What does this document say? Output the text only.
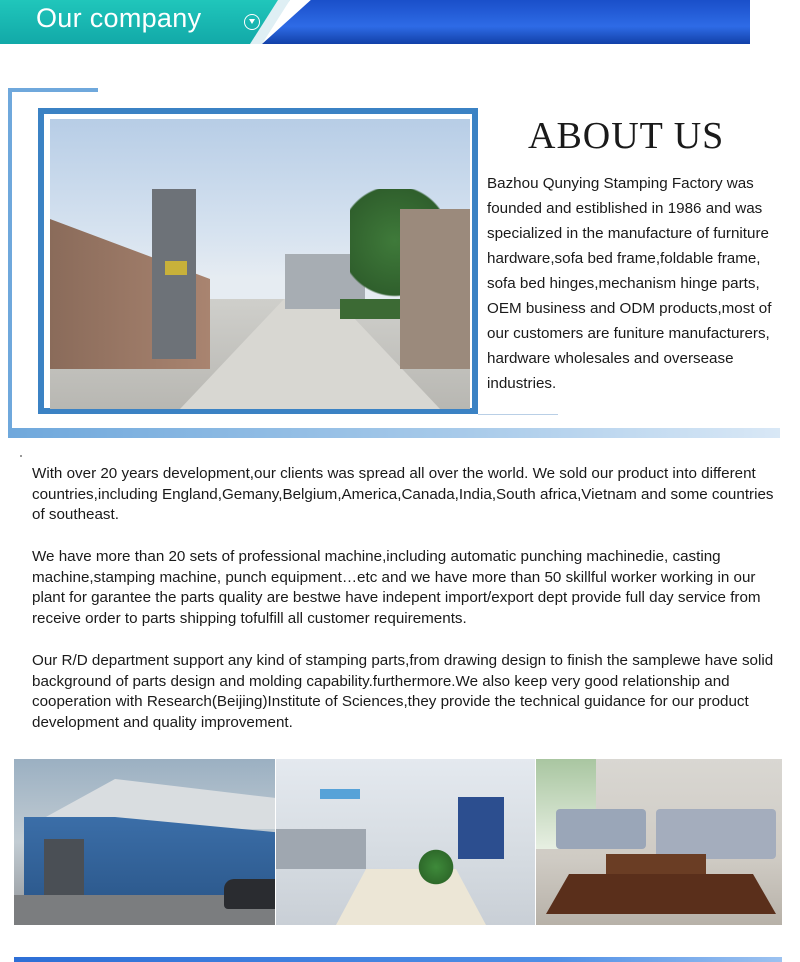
Our company
ABOUT US
Bazhou Qunying Stamping Factory was founded and estiblished in 1986 and was specialized in the manufacture of furniture hardware,sofa bed frame,foldable frame, sofa bed hinges,mechanism hinge parts, OEM business and ODM products,most of our customers are funiture manufacturers, hardware wholesales and oversease industries.

With over 20 years development,our clients was spread all over the world. We sold our product into different countries,including England,Gemany,Belgium,America,Canada,India,South africa,Vietnam and some countries of southeast.

We have more than 20 sets of professional machine,including automatic punching machinedie, casting machine,stamping machine, punch equipment…etc and we have more than 50 skillful worker working in our plant for garantee the parts quality are bestwe have indepent import/export dept provide full day service from receive order to parts shipping tofulfill all customer requirements.

Our R/D department support any kind of stamping parts,from drawing design to finish the samplewe have solid background of parts design and molding capability.furthermore.We also keep very good relationship and cooperation with Research(Beijing)Institute of Sciences,they provide the technical guidance for our product development and quality improvement.
